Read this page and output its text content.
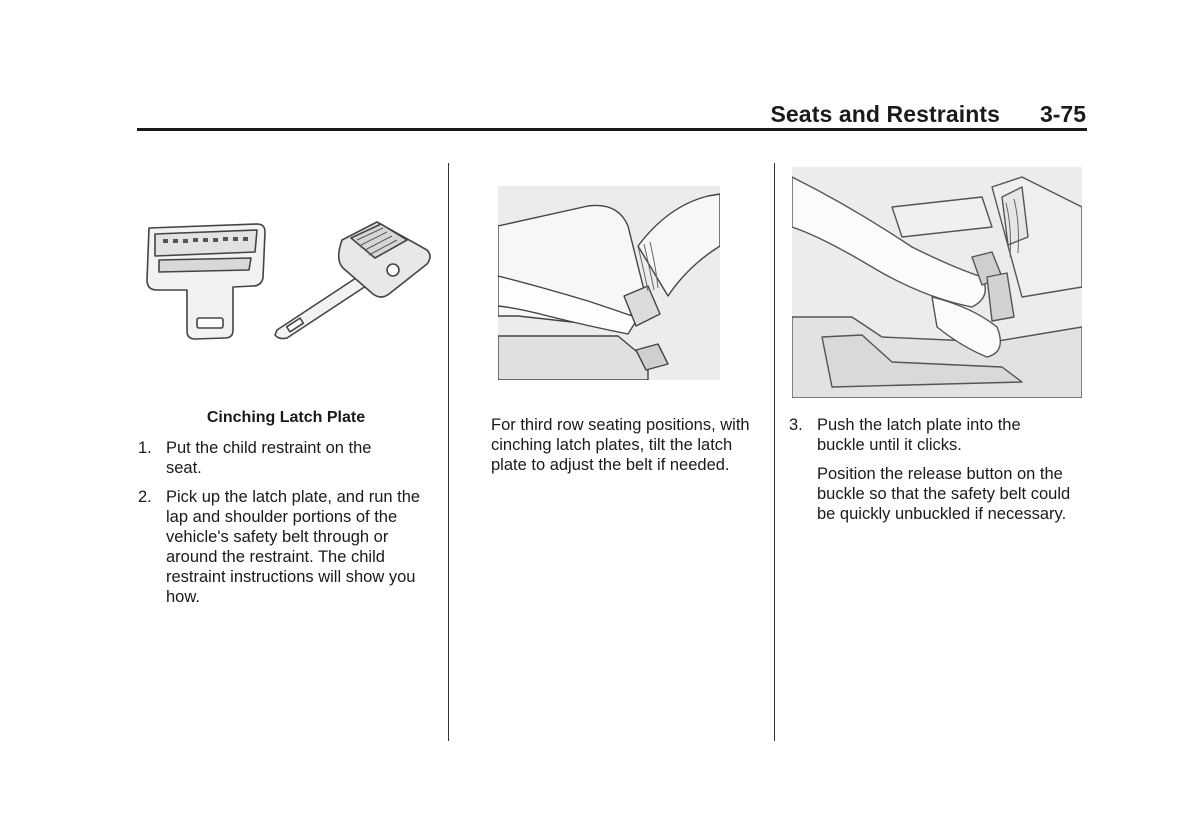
Seats and Restraints	3-75
Cinching Latch Plate
1. Put the child restraint on the seat.
2. Pick up the latch plate, and run the lap and shoulder portions of the vehicle's safety belt through or around the restraint. The child restraint instructions will show you how.
For third row seating positions, with cinching latch plates, tilt the latch plate to adjust the belt if needed.
3. Push the latch plate into the buckle until it clicks.
Position the release button on the buckle so that the safety belt could be quickly unbuckled if necessary.
